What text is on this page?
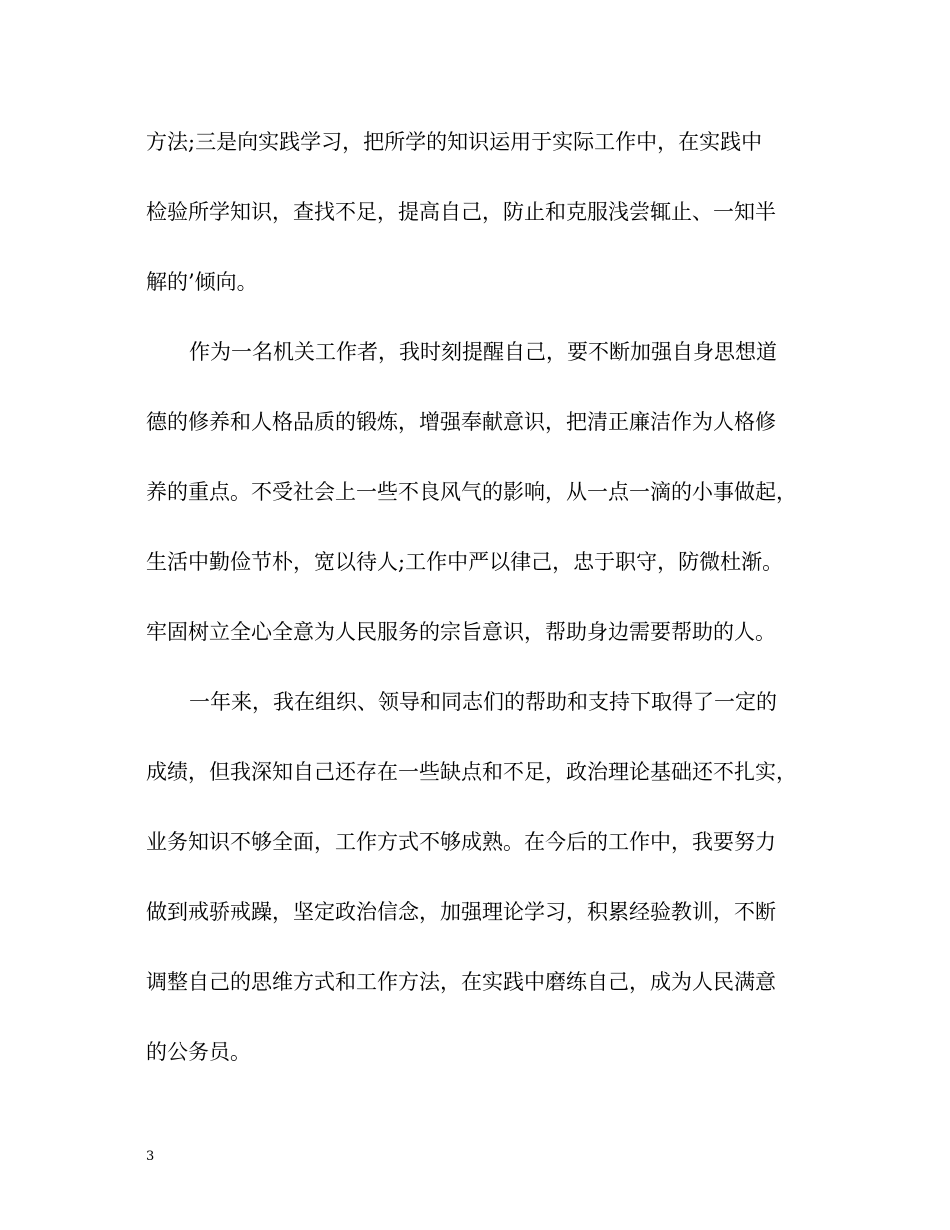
方法;三是向实践学习，把所学的知识运用于实际工作中，在实践中
检验所学知识，查找不足，提高自己，防止和克服浅尝辄止、一知半
解的’倾向。
作为一名机关工作者，我时刻提醒自己，要不断加强自身思想道
德的修养和人格品质的锻炼，增强奉献意识，把清正廉洁作为人格修
养的重点。不受社会上一些不良风气的影响，从一点一滴的小事做起，
生活中勤俭节朴，宽以待人;工作中严以律己，忠于职守，防微杜渐。
牢固树立全心全意为人民服务的宗旨意识，帮助身边需要帮助的人。
一年来，我在组织、领导和同志们的帮助和支持下取得了一定的
成绩，但我深知自己还存在一些缺点和不足，政治理论基础还不扎实，
业务知识不够全面，工作方式不够成熟。在今后的工作中，我要努力
做到戒骄戒躁，坚定政治信念，加强理论学习，积累经验教训，不断
调整自己的思维方式和工作方法，在实践中磨练自己，成为人民满意
的公务员。
3
